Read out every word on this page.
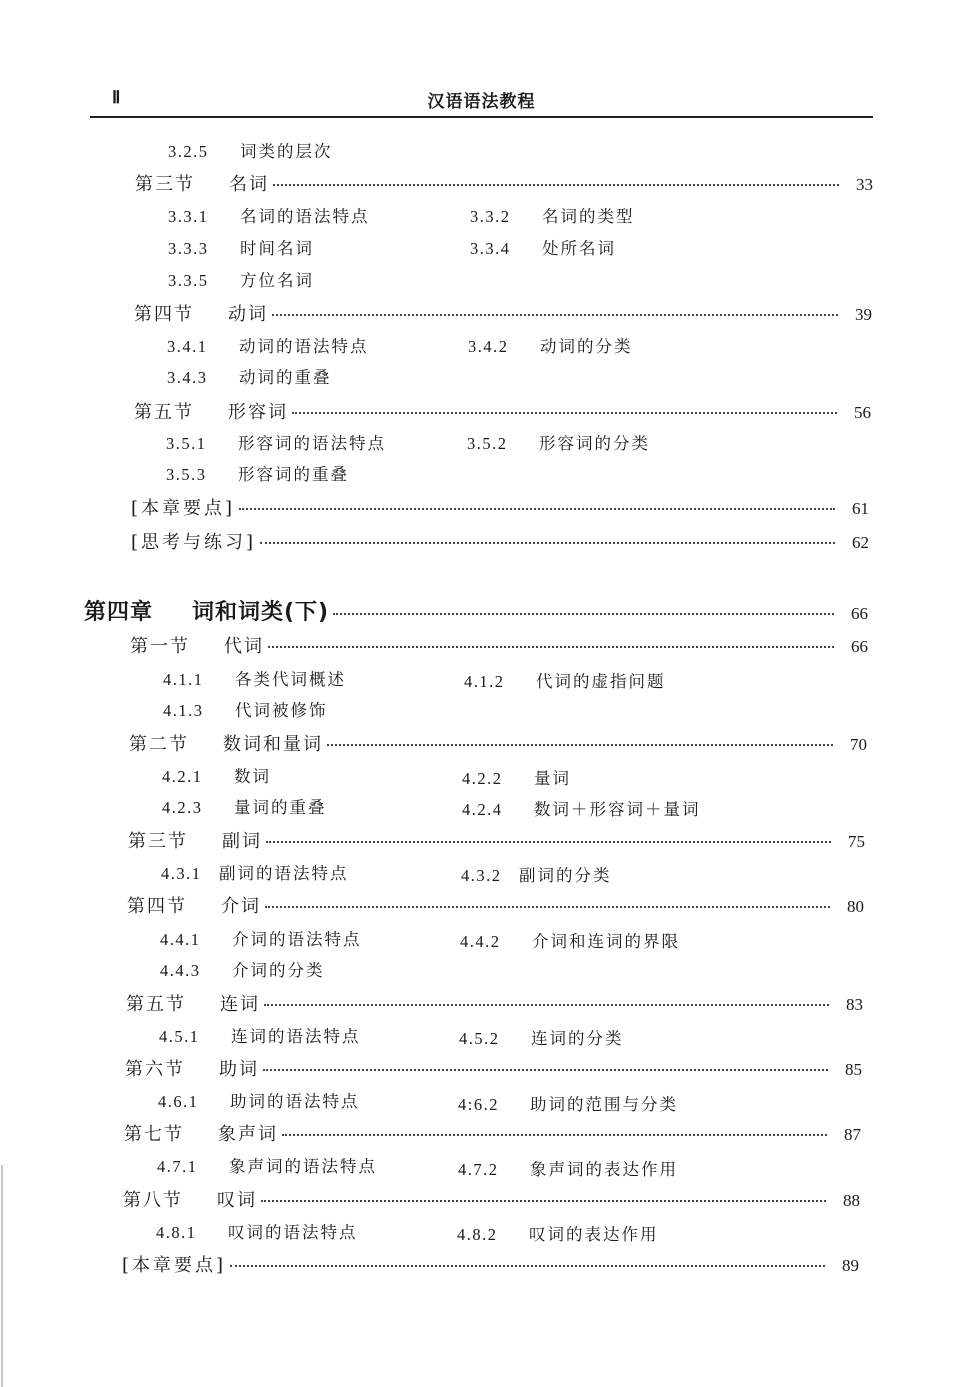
Ⅱ	汉语语法教程
3.2.5	词类的层次
第三节	名词	33
3.3.1	名词的语法特点	3.3.2	名词的类型
3.3.3	时间名词	3.3.4	处所名词
3.3.5	方位名词
第四节	动词	39
3.4.1	动词的语法特点	3.4.2	动词的分类
3.4.3	动词的重叠
第五节	形容词	56
3.5.1	形容词的语法特点	3.5.2	形容词的分类
3.5.3	形容词的重叠
[本章要点]	61
[思考与练习]	62
第四章	词和词类(下)	66
第一节	代词	66
4.1.1	各类代词概述	4.1.2	代词的虚指问题
4.1.3	代词被修饰
第二节	数词和量词	70
4.2.1	数词	4.2.2	量词
4.2.3	量词的重叠	4.2.4	数词＋形容词＋量词
第三节	副词	75
4.3.1	副词的语法特点	4.3.2	副词的分类
第四节	介词	80
4.4.1	介词的语法特点	4.4.2	介词和连词的界限
4.4.3	介词的分类
第五节	连词	83
4.5.1	连词的语法特点	4.5.2	连词的分类
第六节	助词	85
4.6.1	助词的语法特点	4:6.2	助词的范围与分类
第七节	象声词	87
4.7.1	象声词的语法特点	4.7.2	象声词的表达作用
第八节	叹词	88
4.8.1	叹词的语法特点	4.8.2	叹词的表达作用
[本章要点]	89
